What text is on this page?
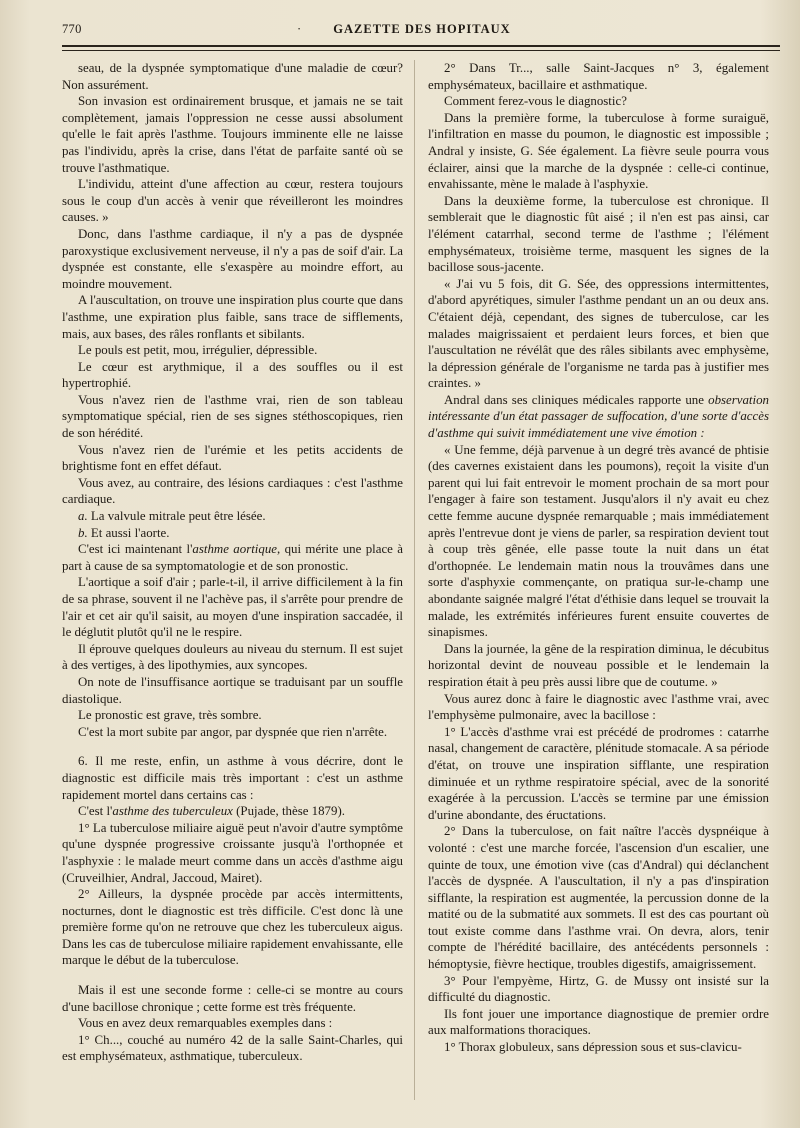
770	·	GAZETTE DES HOPITAUX

seau, de la dyspnée symptomatique d'une maladie de cœur? Non assurément.

Son invasion est ordinairement brusque, et jamais ne se tait complètement, jamais l'oppression ne cesse aussi absolument qu'elle le fait après l'asthme. Toujours imminente elle ne laisse pas l'individu, après la crise, dans l'état de parfaite santé où se trouve l'asthmatique.

L'individu, atteint d'une affection au cœur, restera toujours sous le coup d'un accès à venir que réveilleront les moindres causes. »

Donc, dans l'asthme cardiaque, il n'y a pas de dyspnée paroxystique exclusivement nerveuse, il n'y a pas de soif d'air. La dyspnée est constante, elle s'exaspère au moindre effort, au moindre mouvement.

A l'auscultation, on trouve une inspiration plus courte que dans l'asthme, une expiration plus faible, sans trace de sifflements, mais, aux bases, des râles ronflants et sibilants.

Le pouls est petit, mou, irrégulier, dépressible.

Le cœur est arythmique, il a des souffles ou il est hypertrophié.

Vous n'avez rien de l'asthme vrai, rien de son tableau symptomatique spécial, rien de ses signes stéthoscopiques, rien de son hérédité.

Vous n'avez rien de l'urémie et les petits accidents de brightisme font en effet défaut.

Vous avez, au contraire, des lésions cardiaques : c'est l'asthme cardiaque.

a. La valvule mitrale peut être lésée.

b. Et aussi l'aorte.

C'est ici maintenant l'asthme aortique, qui mérite une place à part à cause de sa symptomatologie et de son pronostic.

L'aortique a soif d'air ; parle-t-il, il arrive difficilement à la fin de sa phrase, souvent il ne l'achève pas, il s'arrête pour prendre de l'air et cet air qu'il saisit, au moyen d'une inspiration saccadée, il le déglutit plutôt qu'il ne le respire.

Il éprouve quelques douleurs au niveau du sternum. Il est sujet à des vertiges, à des lipothymies, aux syncopes.

On note de l'insuffisance aortique se traduisant par un souffle diastolique.

Le pronostic est grave, très sombre.

C'est la mort subite par angor, par dyspnée que rien n'arrête.

6. Il me reste, enfin, un asthme à vous décrire, dont le diagnostic est difficile mais très important : c'est un asthme rapidement mortel dans certains cas :

C'est l'asthme des tuberculeux (Pujade, thèse 1879).

1° La tuberculose miliaire aiguë peut n'avoir d'autre symptôme qu'une dyspnée progressive croissante jusqu'à l'orthopnée et l'asphyxie : le malade meurt comme dans un accès d'asthme aigu (Cruveilhier, Andral, Jaccoud, Mairet).

2° Ailleurs, la dyspnée procède par accès intermittents, nocturnes, dont le diagnostic est très difficile. C'est donc là une première forme qu'on ne retrouve que chez les tuberculeux aigus. Dans les cas de tuberculose miliaire rapidement envahissante, elle marque le début de la tuberculose.

Mais il est une seconde forme : celle-ci se montre au cours d'une bacillose chronique ; cette forme est très fréquente.

Vous en avez deux remarquables exemples dans :

1° Ch..., couché au numéro 42 de la salle Saint-Charles, qui est emphysémateux, asthmatique, tuberculeux.

2° Dans Tr..., salle Saint-Jacques n° 3, également emphysémateux, bacillaire et asthmatique.

Comment ferez-vous le diagnostic?

Dans la première forme, la tuberculose à forme suraiguë, l'infiltration en masse du poumon, le diagnostic est impossible ; Andral y insiste, G. Sée également. La fièvre seule pourra vous éclairer, ainsi que la marche de la dyspnée : celle-ci continue, envahissante, mène le malade à l'asphyxie.

Dans la deuxième forme, la tuberculose est chronique. Il semblerait que le diagnostic fût aisé ; il n'en est pas ainsi, car l'élément catarrhal, second terme de l'asthme ; l'élément emphysémateux, troisième terme, masquent les signes de la bacillose sous-jacente.

« J'ai vu 5 fois, dit G. Sée, des oppressions intermittentes, d'abord apyrétiques, simuler l'asthme pendant un an ou deux ans. C'étaient déjà, cependant, des signes de tuberculose, car les malades maigrissaient et perdaient leurs forces, et bien que l'auscultation ne révélât que des râles sibilants avec emphysème, la dépression générale de l'organisme ne tarda pas à justifier mes craintes. »

Andral dans ses cliniques médicales rapporte une observation intéressante d'un état passager de suffocation, d'une sorte d'accès d'asthme qui suivit immédiatement une vive émotion :

« Une femme, déjà parvenue à un degré très avancé de phtisie (des cavernes existaient dans les poumons), reçoit la visite d'un parent qui lui fait entrevoir le moment prochain de sa mort pour l'engager à faire son testament. Jusqu'alors il n'y avait eu chez cette femme aucune dyspnée remarquable ; mais immédiatement après l'entrevue dont je viens de parler, sa respiration devient tout à coup très gênée, elle passe toute la nuit dans un état d'orthopnée. Le lendemain matin nous la trouvâmes dans une sorte d'asphyxie commençante, on pratiqua sur-le-champ une abondante saignée malgré l'état d'éthisie dans lequel se trouvait la malade, les extrémités inférieures furent ensuite couvertes de sinapismes.

Dans la journée, la gêne de la respiration diminua, le décubitus horizontal devint de nouveau possible et le lendemain la respiration était à peu près aussi libre que de coutume. »

Vous aurez donc à faire le diagnostic avec l'asthme vrai, avec l'emphysème pulmonaire, avec la bacillose :

1° L'accès d'asthme vrai est précédé de prodromes : catarrhe nasal, changement de caractère, plénitude stomacale. A sa période d'état, on trouve une inspiration sifflante, une respiration diminuée et un rythme respiratoire spécial, avec de la sonorité exagérée à la percussion. L'accès se termine par une émission d'urine abondante, des éructations.

2° Dans la tuberculose, on fait naître l'accès dyspnéique à volonté : c'est une marche forcée, l'ascension d'un escalier, une quinte de toux, une émotion vive (cas d'Andral) qui déclanchent l'accès de dyspnée. A l'auscultation, il n'y a pas d'inspiration sifflante, la respiration est augmentée, la percussion donne de la matité ou de la submatité aux sommets. Il est des cas pourtant où tout existe comme dans l'asthme vrai. On devra, alors, tenir compte de l'hérédité bacillaire, des antécédents personnels : hémoptysie, fièvre hectique, troubles digestifs, amaigrissement.

3° Pour l'empyème, Hirtz, G. de Mussy ont insisté sur la difficulté du diagnostic.

Ils font jouer une importance diagnostique de premier ordre aux malformations thoraciques.

1° Thorax globuleux, sans dépression sous et sus-clavicu-
